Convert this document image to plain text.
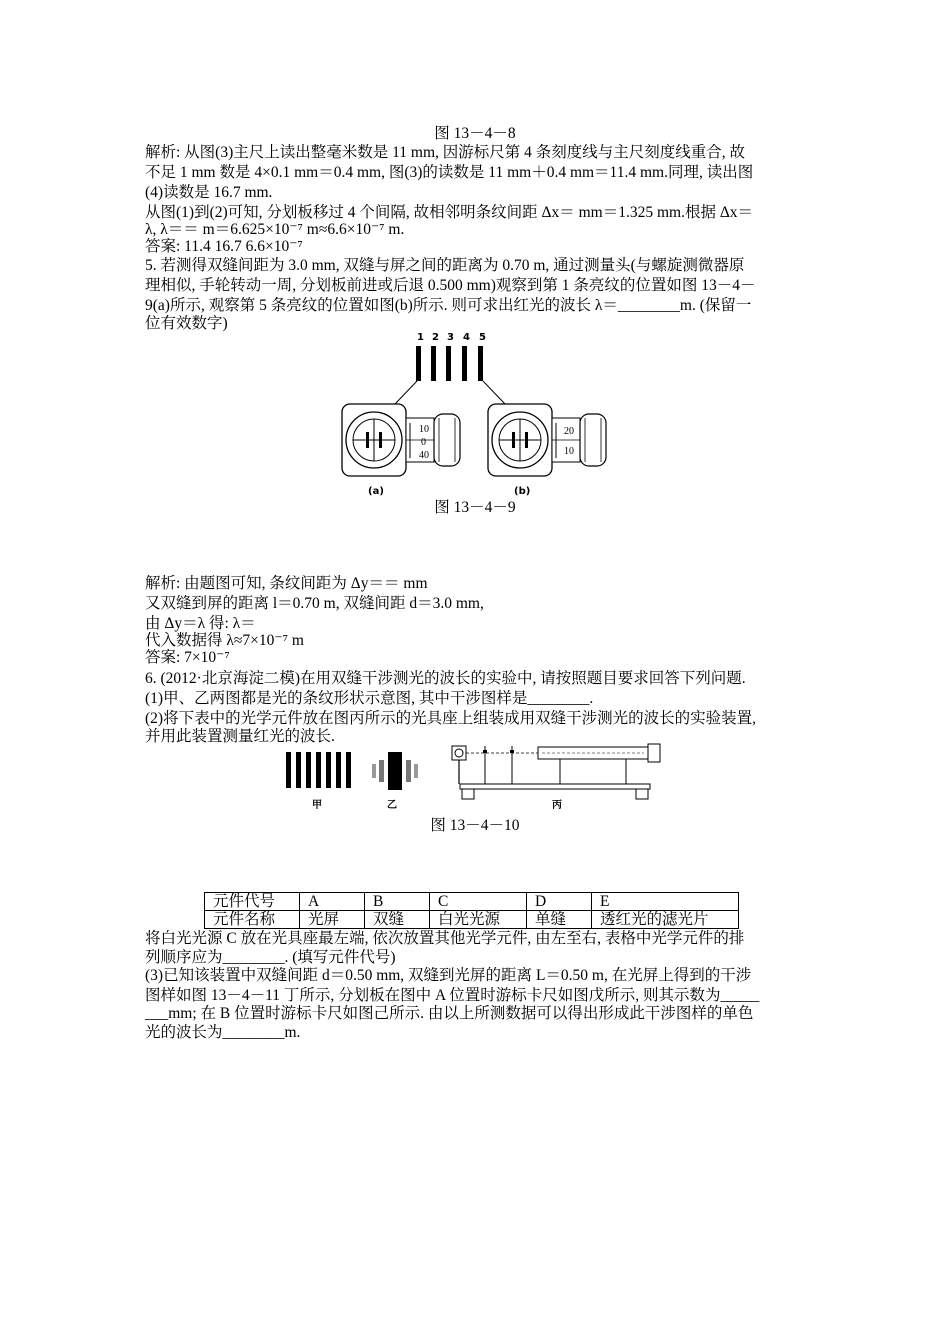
图 13－4－8
解析: 从图(3)主尺上读出整毫米数是 11 mm, 因游标尺第 4 条刻度线与主尺刻度线重合, 故
不足 1 mm 数是 4×0.1 mm＝0.4 mm, 图(3)的读数是 11 mm＋0.4 mm＝11.4 mm.同理, 读出图
(4)读数是 16.7 mm.
从图(1)到(2)可知, 分划板移过 4 个间隔, 故相邻明条纹间距 Δx＝ mm＝1.325 mm.根据 Δx＝
λ, λ＝＝ m＝6.625×10⁻⁷ m≈6.6×10⁻⁷ m.
答案: 11.4 16.7 6.6×10⁻⁷
5. 若测得双缝间距为 3.0 mm, 双缝与屏之间的距离为 0.70 m, 通过测量头(与螺旋测微器原
理相似, 手轮转动一周, 分划板前进或后退 0.500 mm)观察到第 1 条亮纹的位置如图 13－4－
9(a)所示, 观察第 5 条亮纹的位置如图(b)所示. 则可求出红光的波长 λ＝________m. (保留一
位有效数字)
1 2 3 4 5
10
0
40
(a)
20
10
(b)
图 13－4－9
解析: 由题图可知, 条纹间距为 Δy＝＝ mm
又双缝到屏的距离 l＝0.70 m, 双缝间距 d＝3.0 mm,
由 Δy＝λ 得: λ＝
代入数据得 λ≈7×10⁻⁷ m
答案: 7×10⁻⁷
6. (2012·北京海淀二模)在用双缝干涉测光的波长的实验中, 请按照题目要求回答下列问题.
(1)甲、乙两图都是光的条纹形状示意图, 其中干涉图样是________.
(2)将下表中的光学元件放在图丙所示的光具座上组装成用双缝干涉测光的波长的实验装置,
并用此装置测量红光的波长.
甲	乙	丙
图 13－4－10
元件代号	A	B	C	D	E
元件名称	光屏	双缝	白光光源	单缝	透红光的滤光片
将白光光源 C 放在光具座最左端, 依次放置其他光学元件, 由左至右, 表格中光学元件的排
列顺序应为________. (填写元件代号)
(3)已知该装置中双缝间距 d＝0.50 mm, 双缝到光屏的距离 L＝0.50 m, 在光屏上得到的干涉
图样如图 13－4－11 丁所示, 分划板在图中 A 位置时游标卡尺如图戊所示, 则其示数为_____
___mm; 在 B 位置时游标卡尺如图己所示. 由以上所测数据可以得出形成此干涉图样的单色
光的波长为________m.
